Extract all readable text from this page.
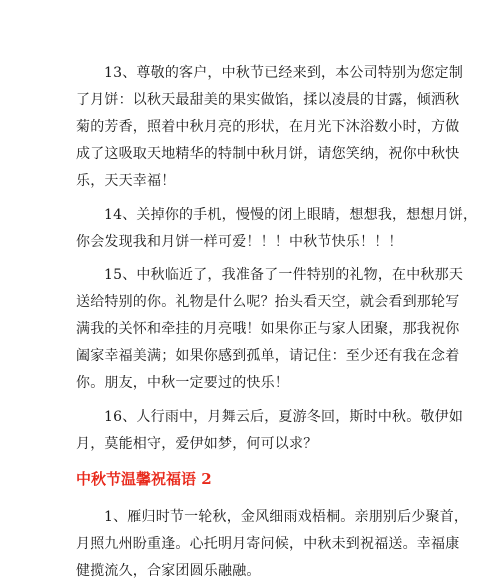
13、尊敬的客户，中秋节已经来到，本公司特别为您定制
了月饼：以秋天最甜美的果实做馅，揉以凌晨的甘露，倾洒秋
菊的芳香，照着中秋月亮的形状，在月光下沐浴数小时，方做
成了这吸取天地精华的特制中秋月饼，请您笑纳，祝你中秋快
乐，天天幸福！

14、关掉你的手机，慢慢的闭上眼睛，想想我，想想月饼，
你会发现我和月饼一样可爱！！！中秋节快乐！！！

15、中秋临近了，我准备了一件特别的礼物，在中秋那天
送给特别的你。礼物是什么呢？抬头看天空，就会看到那轮写
满我的关怀和牵挂的月亮哦！如果你正与家人团聚，那我祝你
阖家幸福美满；如果你感到孤单，请记住：至少还有我在念着
你。朋友，中秋一定要过的快乐！

16、人行雨中，月舞云后，夏游冬回，斯时中秋。敬伊如
月，莫能相守，爱伊如梦，何可以求？

中秋节温馨祝福语 2

1、雁归时节一轮秋，金风细雨戏梧桐。亲朋别后少聚首，
月照九州盼重逢。心托明月寄问候，中秋未到祝福送。幸福康
健揽流久，合家团圆乐融融。
